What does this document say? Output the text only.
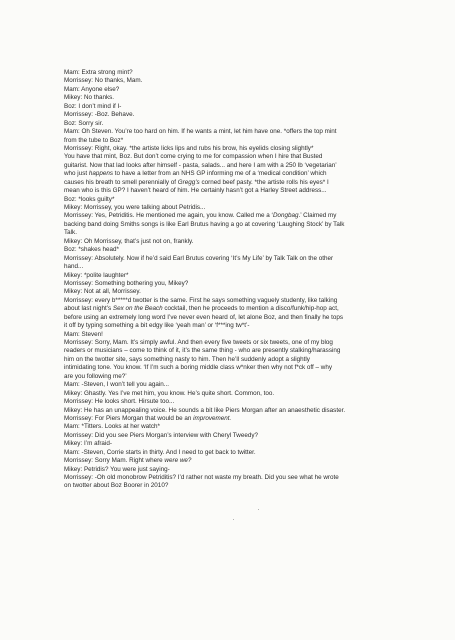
Mam: Extra strong mint?
Morrissey: No thanks, Mam.
Mam: Anyone else?
Mikey: No thanks.
Boz: I don’t mind if I-
Morrissey: -Boz. Behave.
Boz: Sorry sir.
Mam: Oh Steven. You’re too hard on him. If he wants a mint, let him have one. *offers the top mint
from the tube to Boz*
Morrissey: Right, okay. *the artiste licks lips and rubs his brow, his eyelids closing slightly*
You have that mint, Boz. But don’t come crying to me for compassion when I hire that Busted
guitarist. Now that lad looks after himself - pasta, salads... and here I am with a 250 lb ‘vegetarian’
who just happens to have a letter from an NHS GP informing me of a ‘medical condition’ which
causes his breath to smell perennially of Gregg’s corned beef pasty. *the artiste rolls his eyes* I
mean who is this GP? I haven’t heard of him. He certainly hasn’t got a Harley Street address...
Boz: *looks guilty*
Mikey: Morrissey, you were talking about Petridis...
Morrissey: Yes, Petriditis. He mentioned me again, you know. Called me a ‘Dongbag.’ Claimed my
backing band doing Smiths songs is like Earl Brutus having a go at covering ‘Laughing Stock’ by Talk
Talk.
Mikey: Oh Morrissey, that’s just not on, frankly.
Boz: *shakes head*
Morrissey: Absolutely. Now if he’d said Earl Brutus covering ‘It’s My Life’ by Talk Talk on the other
hand...
Mikey: *polite laughter*
Morrissey: Something bothering you, Mikey?
Mikey: Not at all, Morrissey.
Morrissey: every b*****d twotter is the same. First he says something vaguely studenty, like talking
about last night’s Sex on the Beach cocktail, then he proceeds to mention a disco/funk/hip-hop act,
before using an extremely long word I’ve never even heard of, let alone Boz, and then finally he tops
it off by typing something a bit edgy like ‘yeah man’ or ‘f***ing tw*t’-
Mam: Steven!
Morrissey: Sorry, Mam. It’s simply awful. And then every five tweets or six tweets, one of my blog
readers or musicians – come to think of it, it’s the same thing - who are presently stalking/harassing
him on the twotter site, says something nasty to him. Then he’ll suddenly adopt a slightly
intimidating tone. You know. ‘If I’m such a boring middle class w*nker then why not f*ck off – why
are you following me?’
Mam: -Steven, I won’t tell you again...
Mikey: Ghastly. Yes I’ve met him, you know. He’s quite short. Common, too.
Morrissey: He looks short. Hirsute too...
Mikey: He has an unappealing voice. He sounds a bit like Piers Morgan after an anaesthetic disaster.
Morrissey: For Piers Morgan that would be an improvement.
Mam: *Titters. Looks at her watch*
Morrissey: Did you see Piers Morgan’s interview with Cheryl Tweedy?
Mikey: I’m afraid-
Mam: -Steven, Corrie starts in thirty. And I need to get back to twitter.
Morrissey: Sorry Mam. Right where were we?
Mikey: Petridis? You were just saying-
Morrissey: -Oh old monobrow Petriditis? I’d rather not waste my breath. Did you see what he wrote
on twotter about Boz Boorer in 2010?
